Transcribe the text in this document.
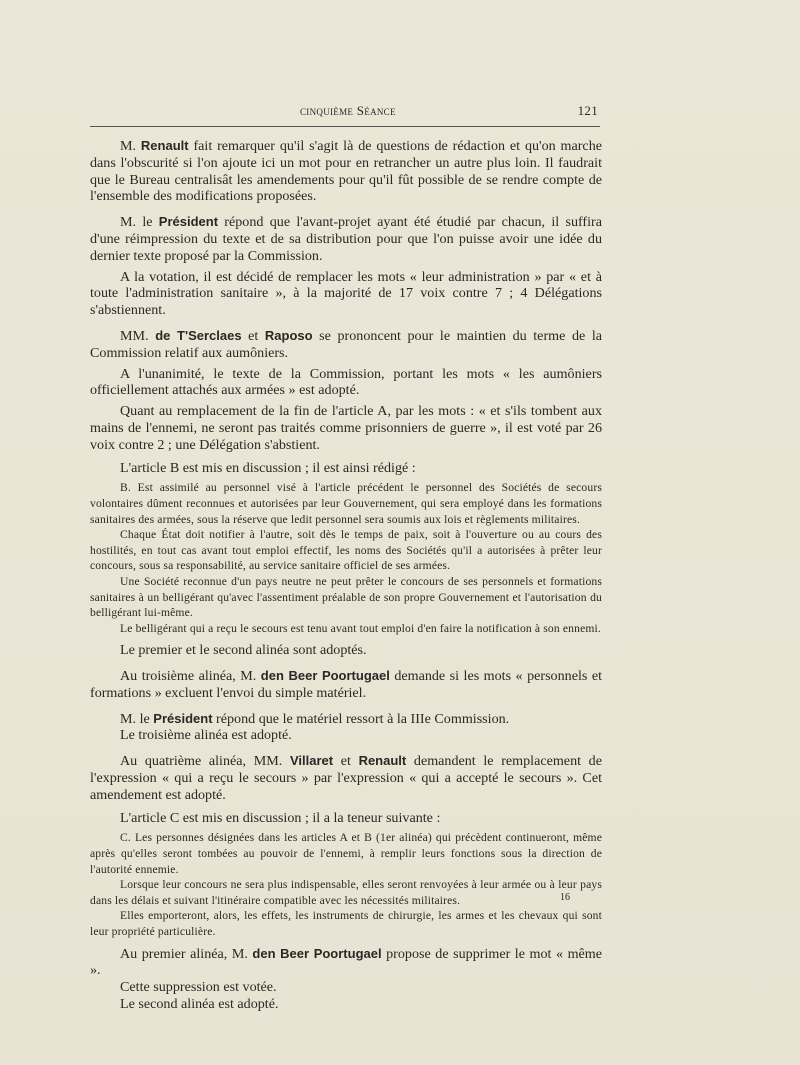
cinquième Séance	121

M. Renault fait remarquer qu'il s'agit là de questions de rédaction et qu'on marche dans l'obscurité si l'on ajoute ici un mot pour en retrancher un autre plus loin. Il faudrait que le Bureau centralisât les amendements pour qu'il fût possible de se rendre compte de l'ensemble des modifications proposées.

M. le Président répond que l'avant-projet ayant été étudié par chacun, il suffira d'une réimpression du texte et de sa distribution pour que l'on puisse avoir une idée du dernier texte proposé par la Commission.

A la votation, il est décidé de remplacer les mots « leur administration » par « et à toute l'administration sanitaire », à la majorité de 17 voix contre 7 ; 4 Délégations s'abstiennent.

MM. de T'Serclaes et Raposo se prononcent pour le maintien du terme de la Commission relatif aux aumôniers.

A l'unanimité, le texte de la Commission, portant les mots « les aumôniers officiellement attachés aux armées » est adopté.

Quant au remplacement de la fin de l'article A, par les mots : « et s'ils tombent aux mains de l'ennemi, ne seront pas traités comme prisonniers de guerre », il est voté par 26 voix contre 2 ; une Délégation s'abstient.

L'article B est mis en discussion ; il est ainsi rédigé :

B. Est assimilé au personnel visé à l'article précédent le personnel des Sociétés de secours volontaires dûment reconnues et autorisées par leur Gouvernement, qui sera employé dans les formations sanitaires des armées, sous la réserve que ledit personnel sera soumis aux lois et règlements militaires.

Chaque État doit notifier à l'autre, soit dès le temps de paix, soit à l'ouverture ou au cours des hostilités, en tout cas avant tout emploi effectif, les noms des Sociétés qu'il a autorisées à prêter leur concours, sous sa responsabilité, au service sanitaire officiel de ses armées.

Une Société reconnue d'un pays neutre ne peut prêter le concours de ses personnels et formations sanitaires à un belligérant qu'avec l'assentiment préalable de son propre Gouvernement et l'autorisation du belligérant lui-même.

Le belligérant qui a reçu le secours est tenu avant tout emploi d'en faire la notification à son ennemi.

Le premier et le second alinéa sont adoptés.

Au troisième alinéa, M. den Beer Poortugael demande si les mots « personnels et formations » excluent l'envoi du simple matériel.

M. le Président répond que le matériel ressort à la IIIe Commission.

Le troisième alinéa est adopté.

Au quatrième alinéa, MM. Villaret et Renault demandent le remplacement de l'expression « qui a reçu le secours » par l'expression « qui a accepté le secours ». Cet amendement est adopté.

L'article C est mis en discussion ; il a la teneur suivante :

C. Les personnes désignées dans les articles A et B (1er alinéa) qui précèdent continueront, même après qu'elles seront tombées au pouvoir de l'ennemi, à remplir leurs fonctions sous la direction de l'autorité ennemie.

Lorsque leur concours ne sera plus indispensable, elles seront renvoyées à leur armée ou à leur pays dans les délais et suivant l'itinéraire compatible avec les nécessités militaires.

Elles emporteront, alors, les effets, les instruments de chirurgie, les armes et les chevaux qui sont leur propriété particulière.

Au premier alinéa, M. den Beer Poortugael propose de supprimer le mot « même ».

Cette suppression est votée.

Le second alinéa est adopté.

16
